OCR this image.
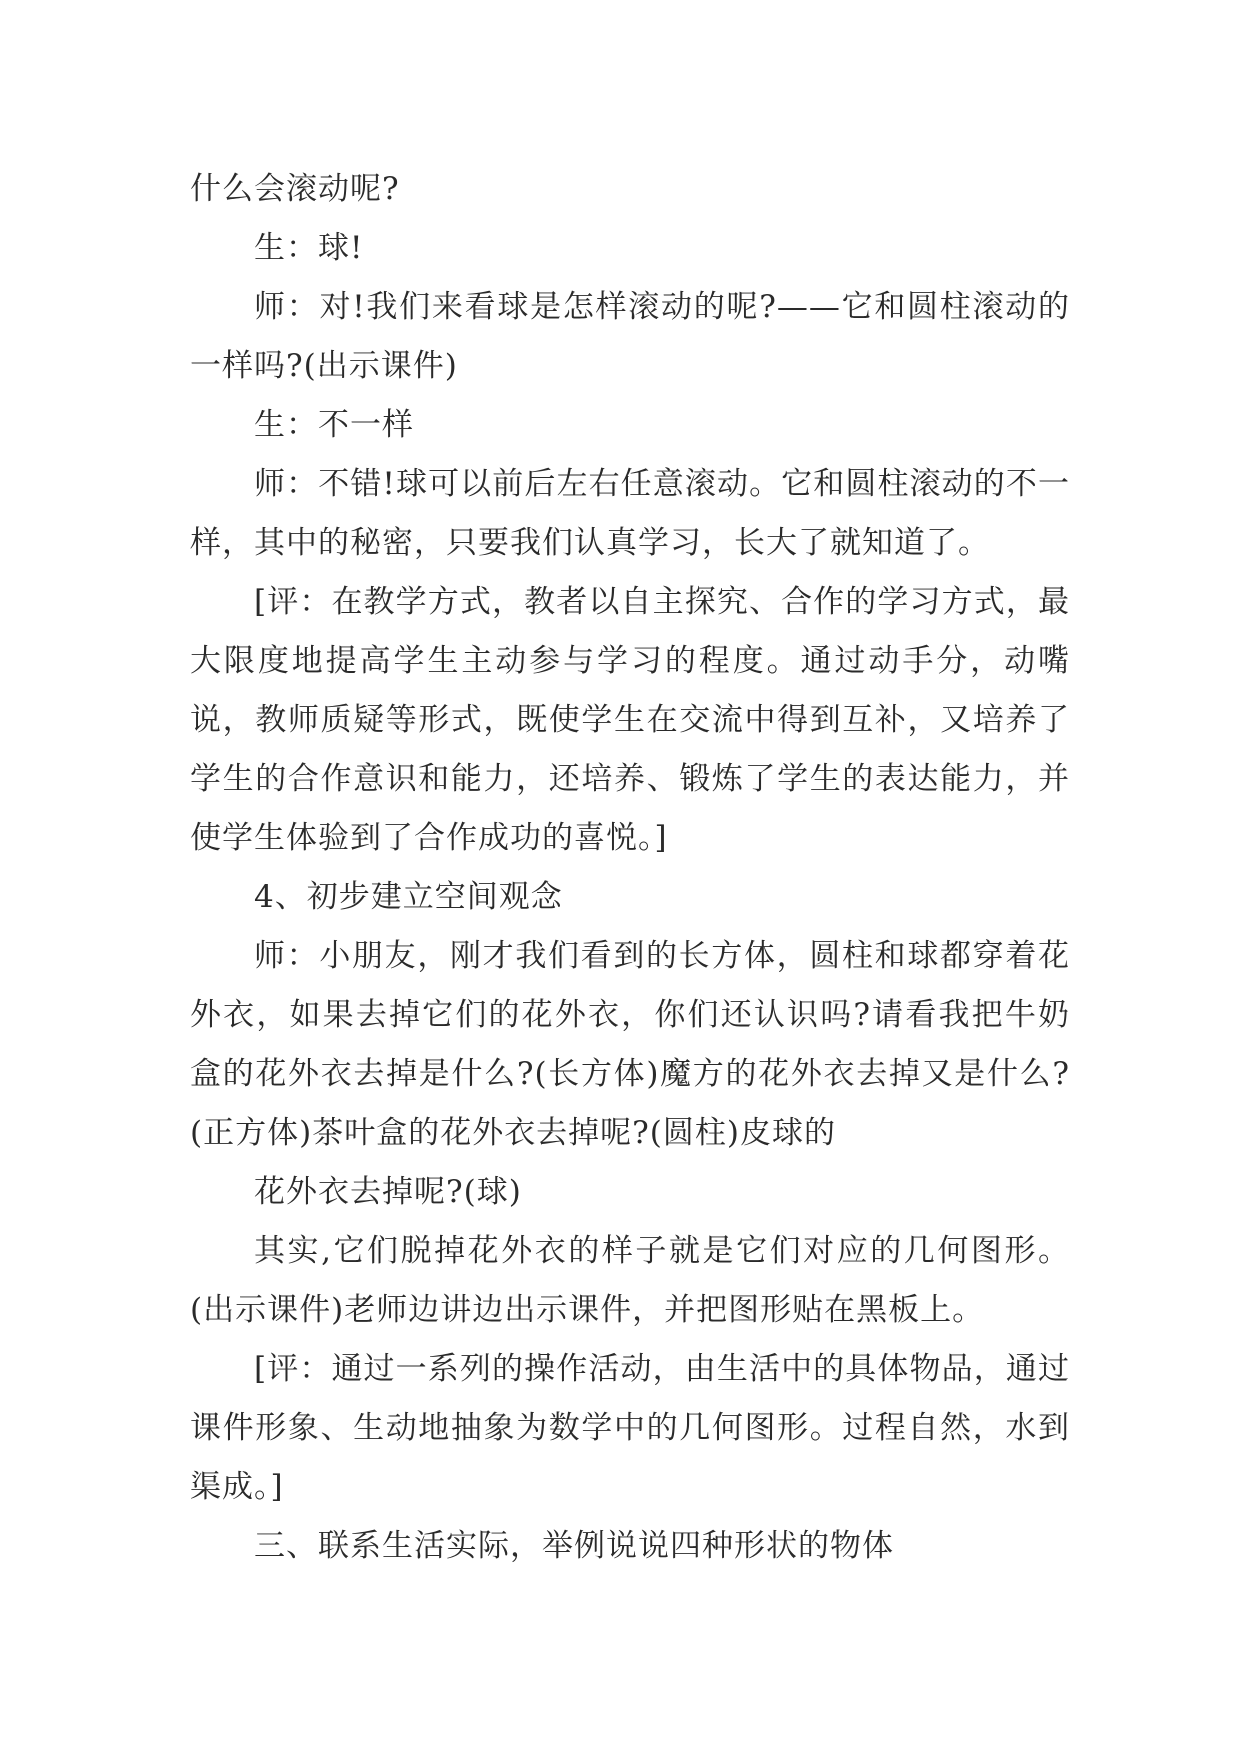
什么会滚动呢?

生：球!

师：对!我们来看球是怎样滚动的呢?——它和圆柱滚动的一样吗?(出示课件)

生：不一样

师：不错!球可以前后左右任意滚动。它和圆柱滚动的不一样，其中的秘密，只要我们认真学习，长大了就知道了。

[评：在教学方式，教者以自主探究、合作的学习方式，最大限度地提高学生主动参与学习的程度。通过动手分，动嘴说，教师质疑等形式，既使学生在交流中得到互补，又培养了学生的合作意识和能力，还培养、锻炼了学生的表达能力，并使学生体验到了合作成功的喜悦。]

4、初步建立空间观念

师：小朋友，刚才我们看到的长方体，圆柱和球都穿着花外衣，如果去掉它们的花外衣，你们还认识吗?请看我把牛奶盒的花外衣去掉是什么?(长方体)魔方的花外衣去掉又是什么?(正方体)茶叶盒的花外衣去掉呢?(圆柱)皮球的

花外衣去掉呢?(球)

其实,它们脱掉花外衣的样子就是它们对应的几何图形。(出示课件)老师边讲边出示课件，并把图形贴在黑板上。

[评：通过一系列的操作活动，由生活中的具体物品，通过课件形象、生动地抽象为数学中的几何图形。过程自然，水到渠成。]

三、联系生活实际，举例说说四种形状的物体
